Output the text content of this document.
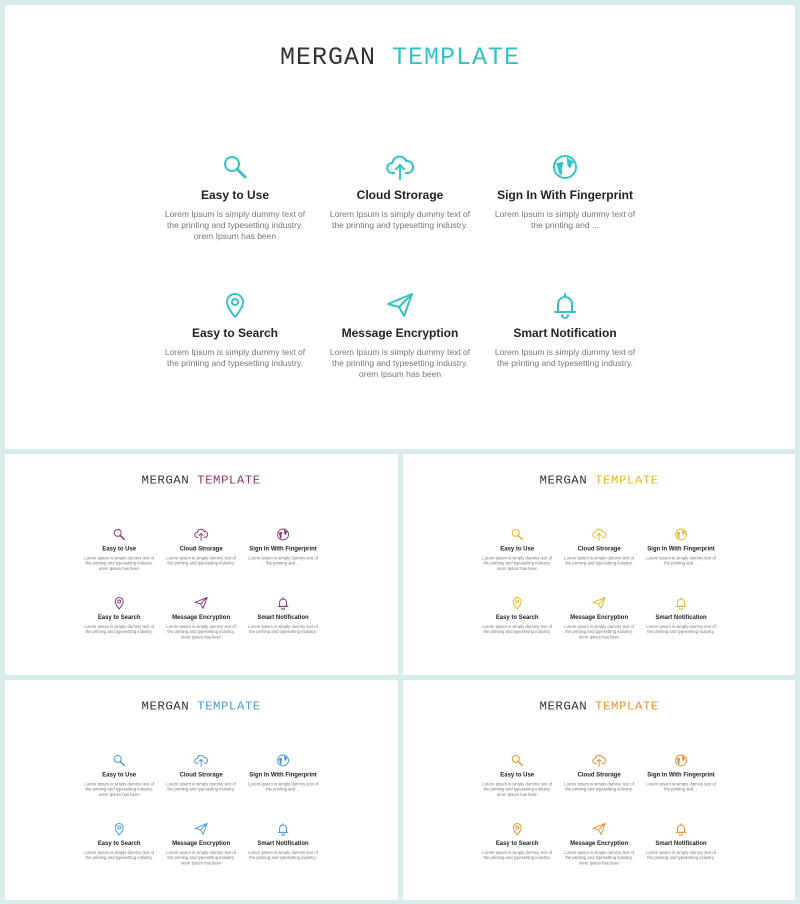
MERGAN TEMPLATE
Easy to Use
Lorem Ipsum is simply dummy text of the printing and typesetting industry. orem Ipsum has been
Cloud Strorage
Lorem Ipsum is simply dummy text of the printing and typesetting industry.
Sign In With Fingerprint
Lorem Ipsum is simply dummy text of the printing and ...
Easy to Search
Lorem Ipsum is simply dummy text of the printing and typesetting industry.
Message Encryption
Lorem Ipsum is simply dummy text of the printing and typesetting industry. orem Ipsum has been
Smart Notification
Lorem Ipsum is simply dummy text of the printing and typesetting industry.
MERGAN TEMPLATE
Easy to Use
Lorem Ipsum is simply dummy text of the printing and typesetting industry. orem Ipsum has been
Cloud Strorage
Lorem Ipsum is simply dummy text of the printing and typesetting industry.
Sign In With Fingerprint
Lorem Ipsum is simply dummy text of the printing and ...
Easy to Search
Lorem Ipsum is simply dummy text of the printing and typesetting industry.
Message Encryption
Lorem Ipsum is simply dummy text of the printing and typesetting industry. orem Ipsum has been
Smart Notification
Lorem Ipsum is simply dummy text of the printing and typesetting industry.
MERGAN TEMPLATE
Easy to Use
Lorem Ipsum is simply dummy text of the printing and typesetting industry. orem Ipsum has been
Cloud Strorage
Lorem Ipsum is simply dummy text of the printing and typesetting industry.
Sign In With Fingerprint
Lorem Ipsum is simply dummy text of the printing and ...
Easy to Search
Lorem Ipsum is simply dummy text of the printing and typesetting industry.
Message Encryption
Lorem Ipsum is simply dummy text of the printing and typesetting industry. orem Ipsum has been
Smart Notification
Lorem Ipsum is simply dummy text of the printing and typesetting industry.
MERGAN TEMPLATE
Easy to Use
Lorem Ipsum is simply dummy text of the printing and typesetting industry. orem Ipsum has been
Cloud Strorage
Lorem Ipsum is simply dummy text of the printing and typesetting industry.
Sign In With Fingerprint
Lorem Ipsum is simply dummy text of the printing and ...
Easy to Search
Lorem Ipsum is simply dummy text of the printing and typesetting industry.
Message Encryption
Lorem Ipsum is simply dummy text of the printing and typesetting industry. orem Ipsum has been
Smart Notification
Lorem Ipsum is simply dummy text of the printing and typesetting industry.
MERGAN TEMPLATE
Easy to Use
Lorem Ipsum is simply dummy text of the printing and typesetting industry. orem Ipsum has been
Cloud Strorage
Lorem Ipsum is simply dummy text of the printing and typesetting industry.
Sign In With Fingerprint
Lorem Ipsum is simply dummy text of the printing and ...
Easy to Search
Lorem Ipsum is simply dummy text of the printing and typesetting industry.
Message Encryption
Lorem Ipsum is simply dummy text of the printing and typesetting industry. orem Ipsum has been
Smart Notification
Lorem Ipsum is simply dummy text of the printing and typesetting industry.
